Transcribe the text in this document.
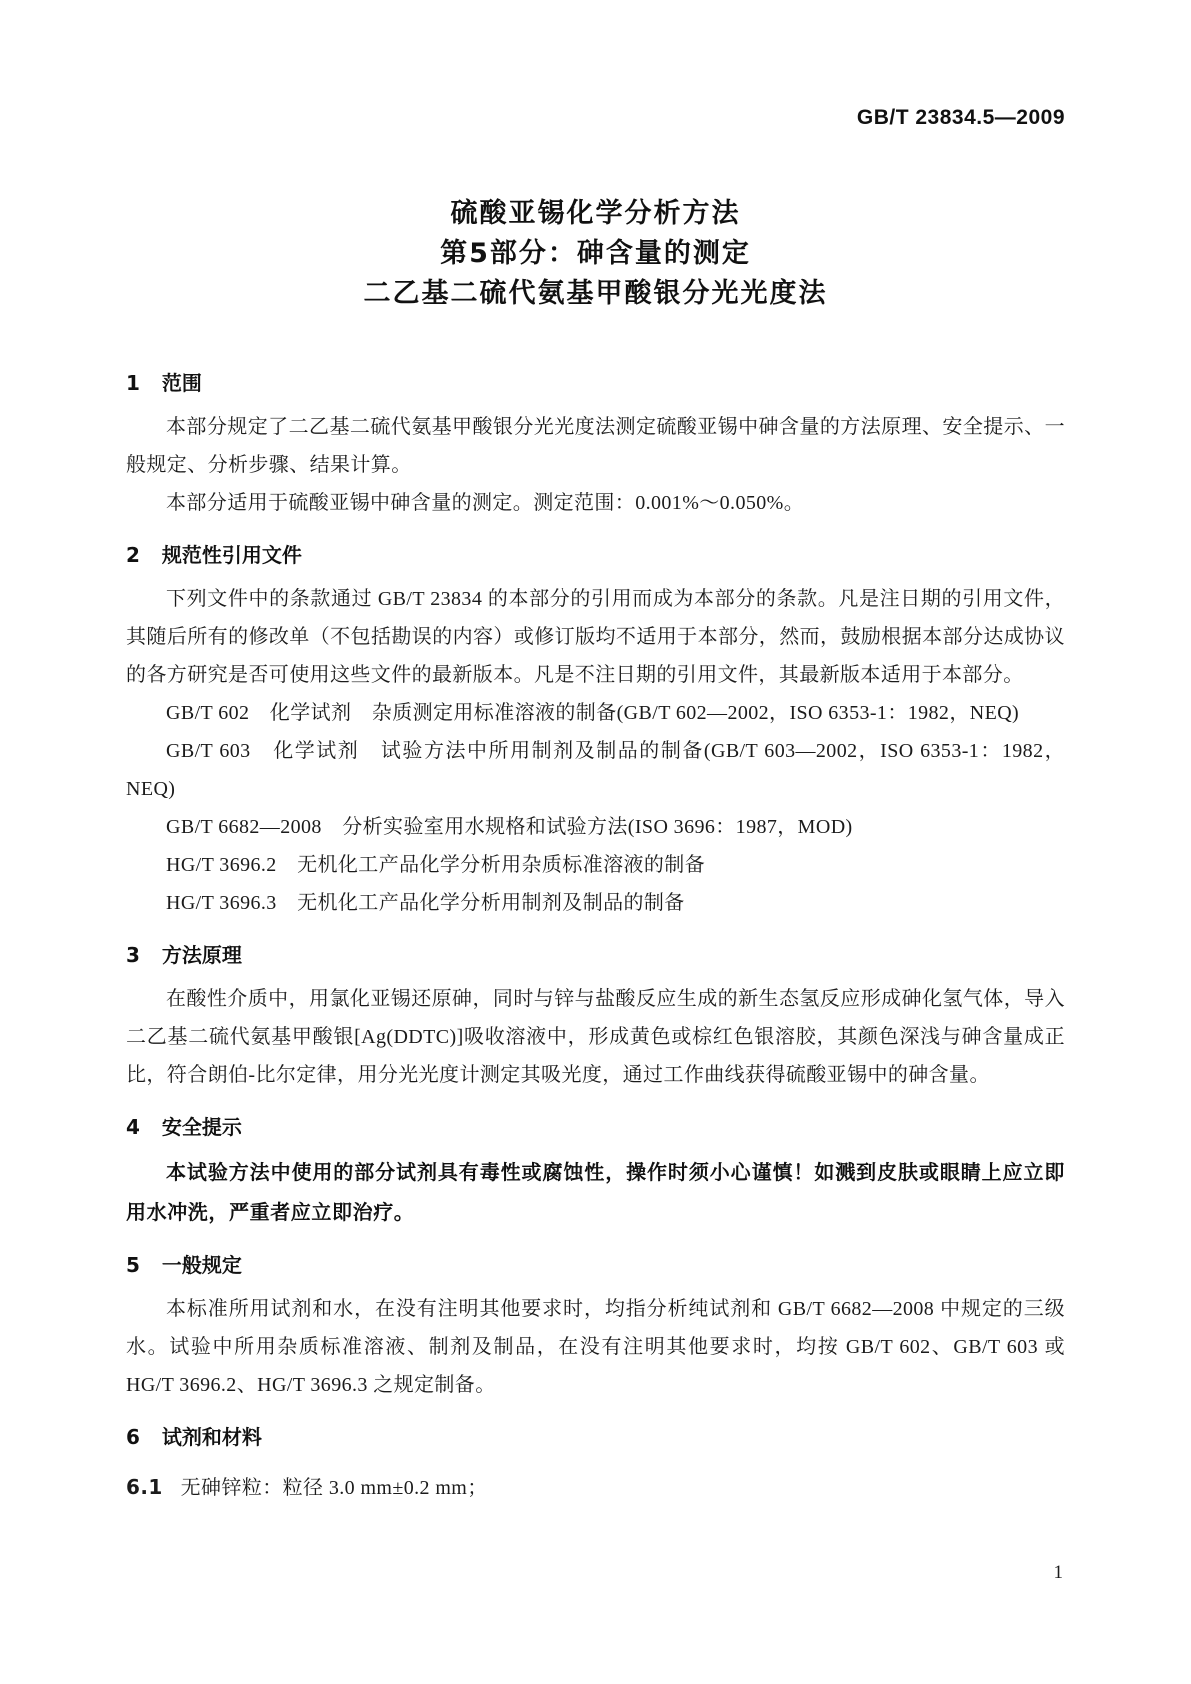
GB/T 23834.5—2009
硫酸亚锡化学分析方法
第5部分：砷含量的测定
二乙基二硫代氨基甲酸银分光光度法
1 范围

本部分规定了二乙基二硫代氨基甲酸银分光光度法测定硫酸亚锡中砷含量的方法原理、安全提示、一般规定、分析步骤、结果计算。

本部分适用于硫酸亚锡中砷含量的测定。测定范围：0.001%～0.050%。

2 规范性引用文件

下列文件中的条款通过 GB/T 23834 的本部分的引用而成为本部分的条款。凡是注日期的引用文件，其随后所有的修改单（不包括勘误的内容）或修订版均不适用于本部分，然而，鼓励根据本部分达成协议的各方研究是否可使用这些文件的最新版本。凡是不注日期的引用文件，其最新版本适用于本部分。

GB/T 602　化学试剂　杂质测定用标准溶液的制备(GB/T 602—2002，ISO 6353-1：1982，NEQ)

GB/T 603　化学试剂　试验方法中所用制剂及制品的制备(GB/T 603—2002，ISO 6353-1：1982，NEQ)

GB/T 6682—2008　分析实验室用水规格和试验方法(ISO 3696：1987，MOD)

HG/T 3696.2　无机化工产品化学分析用杂质标准溶液的制备

HG/T 3696.3　无机化工产品化学分析用制剂及制品的制备

3 方法原理

在酸性介质中，用氯化亚锡还原砷，同时与锌与盐酸反应生成的新生态氢反应形成砷化氢气体，导入二乙基二硫代氨基甲酸银[Ag(DDTC)]吸收溶液中，形成黄色或棕红色银溶胶，其颜色深浅与砷含量成正比，符合朗伯-比尔定律，用分光光度计测定其吸光度，通过工作曲线获得硫酸亚锡中的砷含量。

4 安全提示

本试验方法中使用的部分试剂具有毒性或腐蚀性，操作时须小心谨慎！如溅到皮肤或眼睛上应立即用水冲洗，严重者应立即治疗。

5 一般规定

本标准所用试剂和水，在没有注明其他要求时，均指分析纯试剂和 GB/T 6682—2008 中规定的三级水。试验中所用杂质标准溶液、制剂及制品，在没有注明其他要求时，均按 GB/T 602、GB/T 603 或 HG/T 3696.2、HG/T 3696.3 之规定制备。

6 试剂和材料

6.1 无砷锌粒：粒径 3.0 mm±0.2 mm；

1
